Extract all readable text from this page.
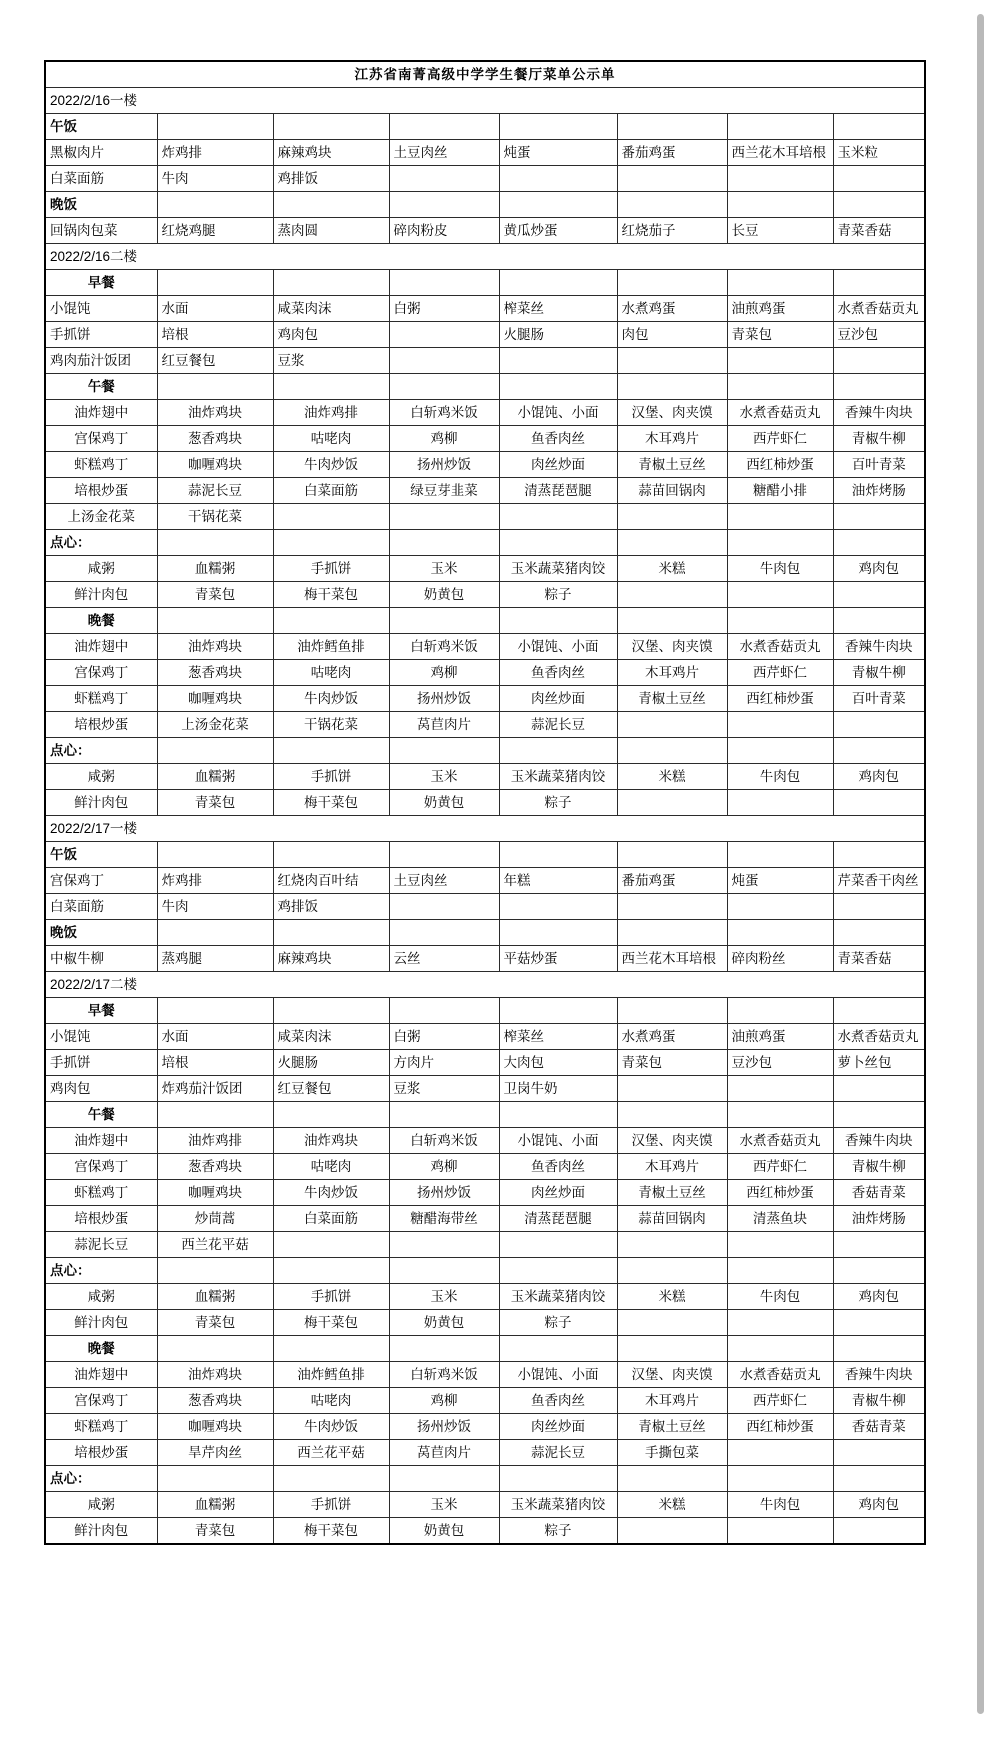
江苏省南菁高级中学学生餐厅菜单公示单							
2022/2/16一楼							
午饭							
黑椒肉片	炸鸡排	麻辣鸡块	土豆肉丝	炖蛋	番茄鸡蛋	西兰花木耳培根	玉米粒
白菜面筋	牛肉	鸡排饭					
晚饭							
回锅肉包菜	红烧鸡腿	蒸肉圆	碎肉粉皮	黄瓜炒蛋	红烧茄子	长豆	青菜香菇
2022/2/16二楼							
早餐							
小馄饨	水面	咸菜肉沫	白粥	榨菜丝	水煮鸡蛋	油煎鸡蛋	水煮香菇贡丸
手抓饼	培根	鸡肉包		火腿肠	肉包	青菜包	豆沙包
鸡肉茄汁饭团	红豆餐包	豆浆					
午餐							
油炸翅中	油炸鸡块	油炸鸡排	白斩鸡米饭	小馄饨、小面	汉堡、肉夹馍	水煮香菇贡丸	香辣牛肉块
宫保鸡丁	葱香鸡块	咕咾肉	鸡柳	鱼香肉丝	木耳鸡片	西芹虾仁	青椒牛柳
虾糕鸡丁	咖喱鸡块	牛肉炒饭	扬州炒饭	肉丝炒面	青椒土豆丝	西红柿炒蛋	百叶青菜
培根炒蛋	蒜泥长豆	白菜面筋	绿豆芽韭菜	清蒸琵琶腿	蒜苗回锅肉	糖醋小排	油炸烤肠
上汤金花菜	干锅花菜						
点心：							
咸粥	血糯粥	手抓饼	玉米	玉米蔬菜猪肉饺	米糕	牛肉包	鸡肉包
鲜汁肉包	青菜包	梅干菜包	奶黄包	粽子			
晚餐							
油炸翅中	油炸鸡块	油炸鳕鱼排	白斩鸡米饭	小馄饨、小面	汉堡、肉夹馍	水煮香菇贡丸	香辣牛肉块
宫保鸡丁	葱香鸡块	咕咾肉	鸡柳	鱼香肉丝	木耳鸡片	西芹虾仁	青椒牛柳
虾糕鸡丁	咖喱鸡块	牛肉炒饭	扬州炒饭	肉丝炒面	青椒土豆丝	西红柿炒蛋	百叶青菜
培根炒蛋	上汤金花菜	干锅花菜	莴苣肉片	蒜泥长豆			
点心：							
咸粥	血糯粥	手抓饼	玉米	玉米蔬菜猪肉饺	米糕	牛肉包	鸡肉包
鲜汁肉包	青菜包	梅干菜包	奶黄包	粽子			
2022/2/17一楼							
午饭							
宫保鸡丁	炸鸡排	红烧肉百叶结	土豆肉丝	年糕	番茄鸡蛋	炖蛋	芹菜香干肉丝
白菜面筋	牛肉	鸡排饭					
晚饭							
中椒牛柳	蒸鸡腿	麻辣鸡块	云丝	平菇炒蛋	西兰花木耳培根	碎肉粉丝	青菜香菇
2022/2/17二楼							
早餐							
小馄饨	水面	咸菜肉沫	白粥	榨菜丝	水煮鸡蛋	油煎鸡蛋	水煮香菇贡丸
手抓饼	培根	火腿肠	方肉片	大肉包	青菜包	豆沙包	萝卜丝包
鸡肉包	炸鸡茄汁饭团	红豆餐包	豆浆	卫岗牛奶			
午餐							
油炸翅中	油炸鸡排	油炸鸡块	白斩鸡米饭	小馄饨、小面	汉堡、肉夹馍	水煮香菇贡丸	香辣牛肉块
宫保鸡丁	葱香鸡块	咕咾肉	鸡柳	鱼香肉丝	木耳鸡片	西芹虾仁	青椒牛柳
虾糕鸡丁	咖喱鸡块	牛肉炒饭	扬州炒饭	肉丝炒面	青椒土豆丝	西红柿炒蛋	香菇青菜
培根炒蛋	炒茼蒿	白菜面筋	糖醋海带丝	清蒸琵琶腿	蒜苗回锅肉	清蒸鱼块	油炸烤肠
蒜泥长豆	西兰花平菇						
点心：							
咸粥	血糯粥	手抓饼	玉米	玉米蔬菜猪肉饺	米糕	牛肉包	鸡肉包
鲜汁肉包	青菜包	梅干菜包	奶黄包	粽子			
晚餐							
油炸翅中	油炸鸡块	油炸鳕鱼排	白斩鸡米饭	小馄饨、小面	汉堡、肉夹馍	水煮香菇贡丸	香辣牛肉块
宫保鸡丁	葱香鸡块	咕咾肉	鸡柳	鱼香肉丝	木耳鸡片	西芹虾仁	青椒牛柳
虾糕鸡丁	咖喱鸡块	牛肉炒饭	扬州炒饭	肉丝炒面	青椒土豆丝	西红柿炒蛋	香菇青菜
培根炒蛋	旱芹肉丝	西兰花平菇	莴苣肉片	蒜泥长豆	手撕包菜		
点心：							
咸粥	血糯粥	手抓饼	玉米	玉米蔬菜猪肉饺	米糕	牛肉包	鸡肉包
鲜汁肉包	青菜包	梅干菜包	奶黄包	粽子			
